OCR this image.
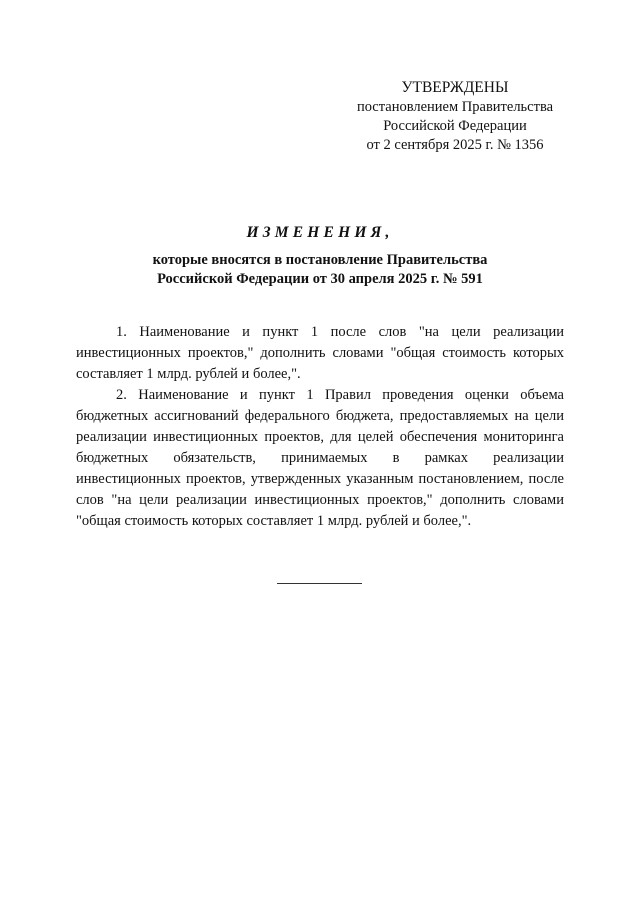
УТВЕРЖДЕНЫ
постановлением Правительства
Российской Федерации
от 2 сентября 2025 г. № 1356
ИЗМЕНЕНИЯ,
которые вносятся в постановление Правительства
Российской Федерации от 30 апреля 2025 г. № 591

1. Наименование и пункт 1 после слов "на цели реализации инвестиционных проектов," дополнить словами "общая стоимость которых составляет 1 млрд. рублей и более,".

2. Наименование и пункт 1 Правил проведения оценки объема бюджетных ассигнований федерального бюджета, предоставляемых на цели реализации инвестиционных проектов, для целей обеспечения мониторинга бюджетных обязательств, принимаемых в рамках реализации инвестиционных проектов, утвержденных указанным постановлением, после слов "на цели реализации инвестиционных проектов," дополнить словами "общая стоимость которых составляет 1 млрд. рублей и более,".
